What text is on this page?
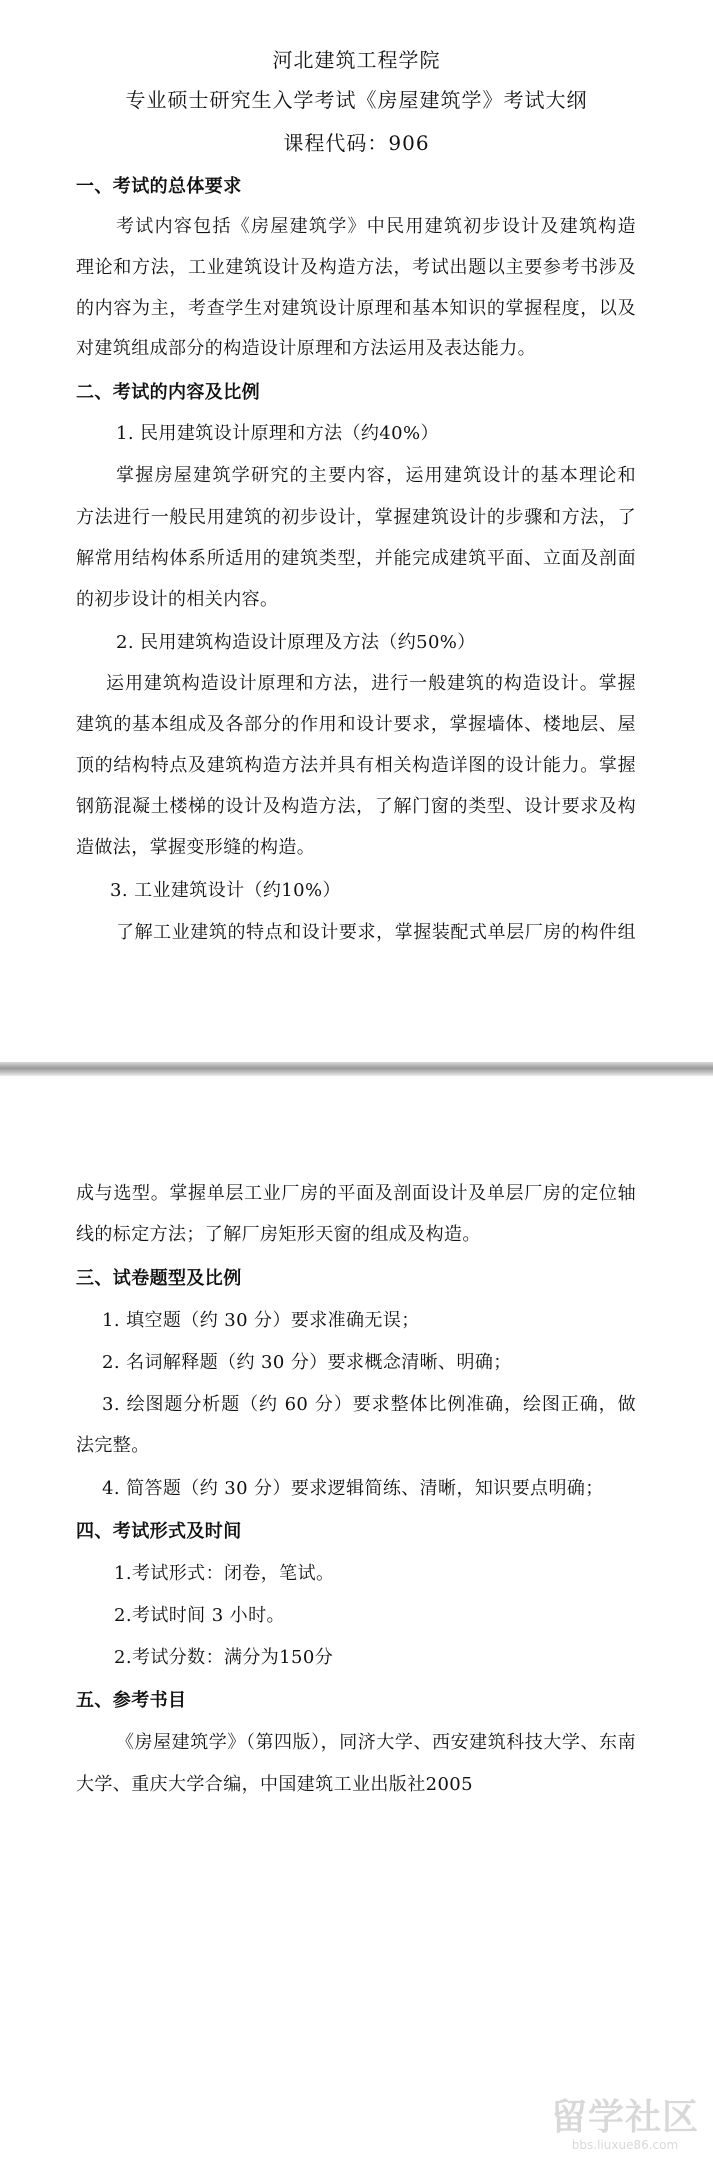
河北建筑工程学院
专业硕士研究生入学考试《房屋建筑学》考试大纲
课程代码：906
一、考试的总体要求
考试内容包括《房屋建筑学》中民用建筑初步设计及建筑构造
理论和方法，工业建筑设计及构造方法，考试出题以主要参考书涉及
的内容为主，考查学生对建筑设计原理和基本知识的掌握程度，以及
对建筑组成部分的构造设计原理和方法运用及表达能力。
二、考试的内容及比例
1. 民用建筑设计原理和方法（约40%）
掌握房屋建筑学研究的主要内容，运用建筑设计的基本理论和
方法进行一般民用建筑的初步设计，掌握建筑设计的步骤和方法，了
解常用结构体系所适用的建筑类型，并能完成建筑平面、立面及剖面
的初步设计的相关内容。
2. 民用建筑构造设计原理及方法（约50%）
运用建筑构造设计原理和方法，进行一般建筑的构造设计。掌握
建筑的基本组成及各部分的作用和设计要求，掌握墙体、楼地层、屋
顶的结构特点及建筑构造方法并具有相关构造详图的设计能力。掌握
钢筋混凝土楼梯的设计及构造方法，了解门窗的类型、设计要求及构
造做法，掌握变形缝的构造。
3. 工业建筑设计（约10%）
了解工业建筑的特点和设计要求，掌握装配式单层厂房的构件组
成与选型。掌握单层工业厂房的平面及剖面设计及单层厂房的定位轴
线的标定方法；了解厂房矩形天窗的组成及构造。
三、试卷题型及比例
1. 填空题（约 30 分）要求准确无误；
2. 名词解释题（约 30 分）要求概念清晰、明确；
3. 绘图题分析题（约 60 分）要求整体比例准确，绘图正确，做
法完整。
4. 简答题（约 30 分）要求逻辑简练、清晰，知识要点明确；
四、考试形式及时间
1.考试形式：闭卷，笔试。
2.考试时间 3 小时。
2.考试分数：满分为150分
五、参考书目
《房屋建筑学》（第四版），同济大学、西安建筑科技大学、东南
大学、重庆大学合编，中国建筑工业出版社2005
留学社区
bbs.liuxue86.com
